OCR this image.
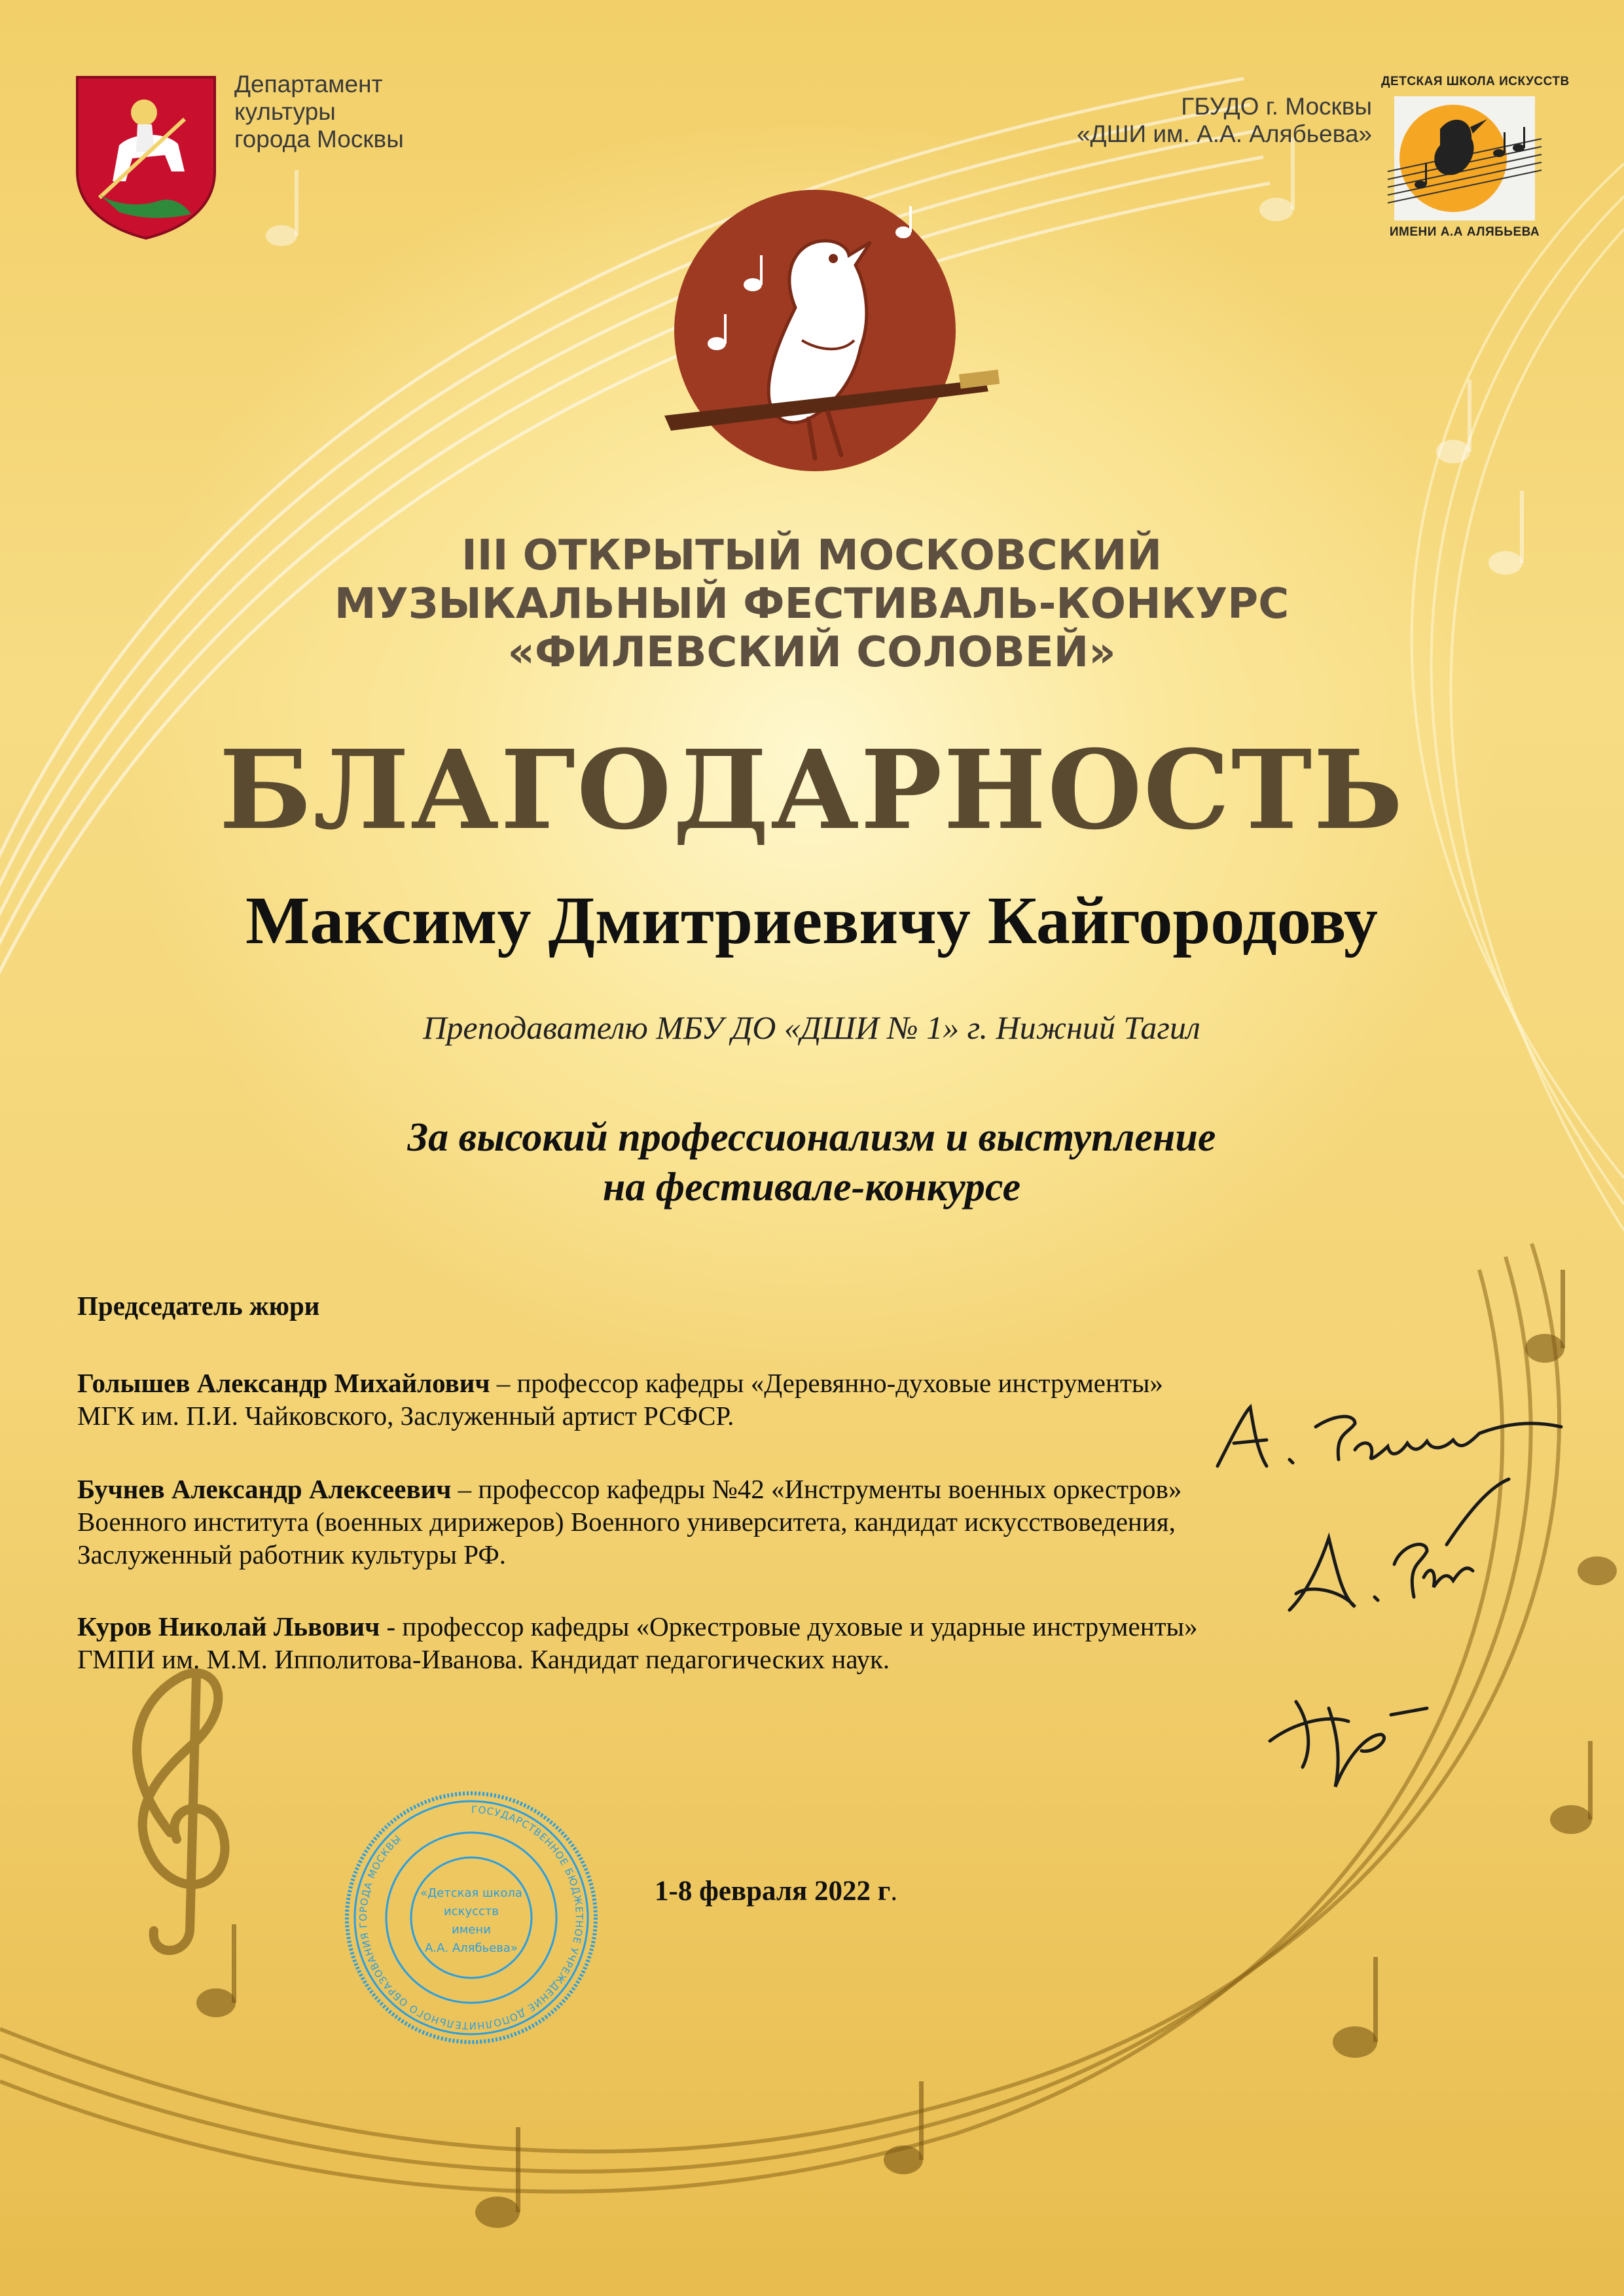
Департамент
культуры
города Москвы
ГБУДО г. Москвы
«ДШИ им. А.А. Алябьева»
ДЕТСКАЯ ШКОЛА ИСКУССТВ
ИМЕНИ А.А АЛЯБЬЕВА
III ОТКРЫТЫЙ МОСКОВСКИЙ
МУЗЫКАЛЬНЫЙ ФЕСТИВАЛЬ-КОНКУРС
«ФИЛЕВСКИЙ СОЛОВЕЙ»
БЛАГОДАРНОСТЬ
Максиму Дмитриевичу Кайгородову
Преподавателю МБУ ДО «ДШИ № 1» г. Нижний Тагил
За высокий профессионализм и выступление
на фестивале-конкурсе
Председатель жюри
Голышев Александр Михайлович – профессор кафедры «Деревянно-духовые инструменты»
МГК им. П.И. Чайковского, Заслуженный артист РСФСР.
Бучнев Александр Алексеевич – профессор кафедры №42 «Инструменты военных оркестров»
Военного института (военных дирижеров) Военного университета, кандидат искусствоведения,
Заслуженный работник культуры РФ.
Куров Николай Львович - профессор кафедры «Оркестровые духовые и ударные инструменты»
ГМПИ им. М.М. Ипполитова-Иванова. Кандидат педагогических наук.
ГОСУДАРСТВЕННОЕ БЮДЖЕТНОЕ УЧРЕЖДЕНИЕ ДОПОЛНИТЕЛЬНОГО ОБРАЗОВАНИЯ ГОРОДА МОСКВЫ
«Детская школа
искусств
имени
А.А. Алябьева»
1-8 февраля 2022 г.
